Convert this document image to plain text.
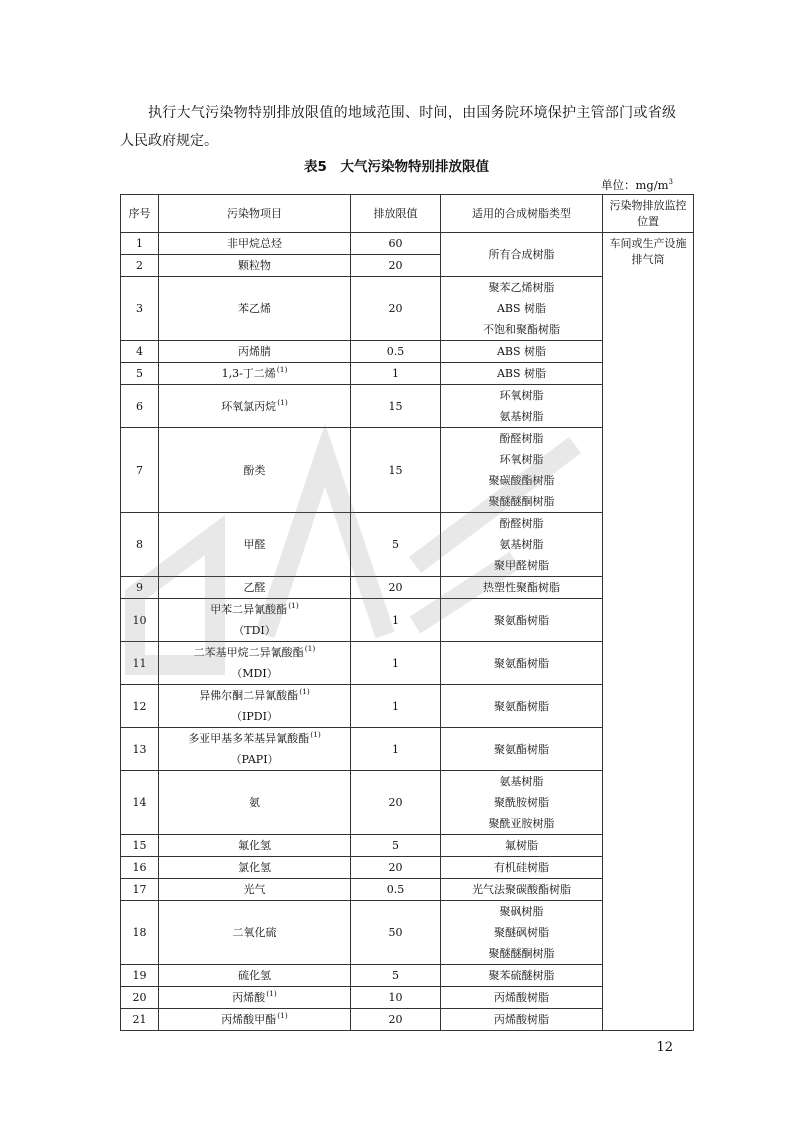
执行大气污染物特别排放限值的地域范围、时间，由国务院环境保护主管部门或省级人民政府规定。

表5　大气污染物特别排放限值
单位：$mg/m^3$
序号	污染物项目	排放限值	适用的合成树脂类型	污染物排放监控位置
1	非甲烷总烃	60	所有合成树脂	车间或生产设施排气筒
2	颗粒物	20		
3	苯乙烯	20	聚苯乙烯树脂
ABS 树脂
不饱和聚酯树脂	

4	丙烯腈	0.5	ABS 树脂	

5	1,3-丁二烯$^{(1)}$	1	ABS 树脂	

6	环氧氯丙烷$^{(1)}$	15	环氧树脂
氨基树脂	

7	酚类	15	酚醛树脂
环氧树脂
聚碳酸酯树脂
聚醚醚酮树脂	

8	甲醛	5	酚醛树脂
氨基树脂
聚甲醛树脂	

9	乙醛	20	热塑性聚酯树脂	

10	甲苯二异氰酸酯$^{(1)}$
（TDI）	1	聚氨酯树脂	

11	二苯基甲烷二异氰酸酯$^{(1)}$
（MDI）	1	聚氨酯树脂	

12	异佛尔酮二异氰酸酯$^{(1)}$
（IPDI）	1	聚氨酯树脂	

13	多亚甲基多苯基异氰酸酯$^{(1)}$
（PAPI）	1	聚氨酯树脂	

14	氨	20	氨基树脂
聚酰胺树脂
聚酰亚胺树脂	

15	氟化氢	5	氟树脂	

16	氯化氢	20	有机硅树脂	

17	光气	0.5	光气法聚碳酸酯树脂	

18	二氧化硫	50	聚砜树脂
聚醚砜树脂
聚醚醚酮树脂	

19	硫化氢	5	聚苯硫醚树脂	

20	丙烯酸$^{(1)}$	10	丙烯酸树脂	

21	丙烯酸甲酯$^{(1)}$	20	丙烯酸树脂	
12
